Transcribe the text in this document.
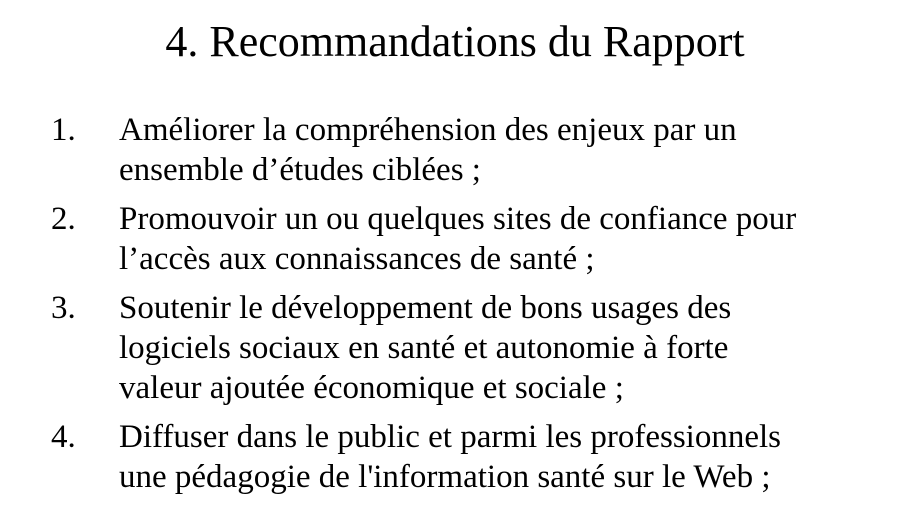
4. Recommandations du Rapport
1.	Améliorer la compréhension des enjeux par un
ensemble d’études ciblées ;
2.	Promouvoir un ou quelques sites de confiance pour
l’accès aux connaissances de santé ;
3.	Soutenir le développement de bons usages des
logiciels sociaux en santé et autonomie à forte
valeur ajoutée économique et sociale ;
4.	Diffuser dans le public et parmi les professionnels
une pédagogie de l'information santé sur le Web ;
